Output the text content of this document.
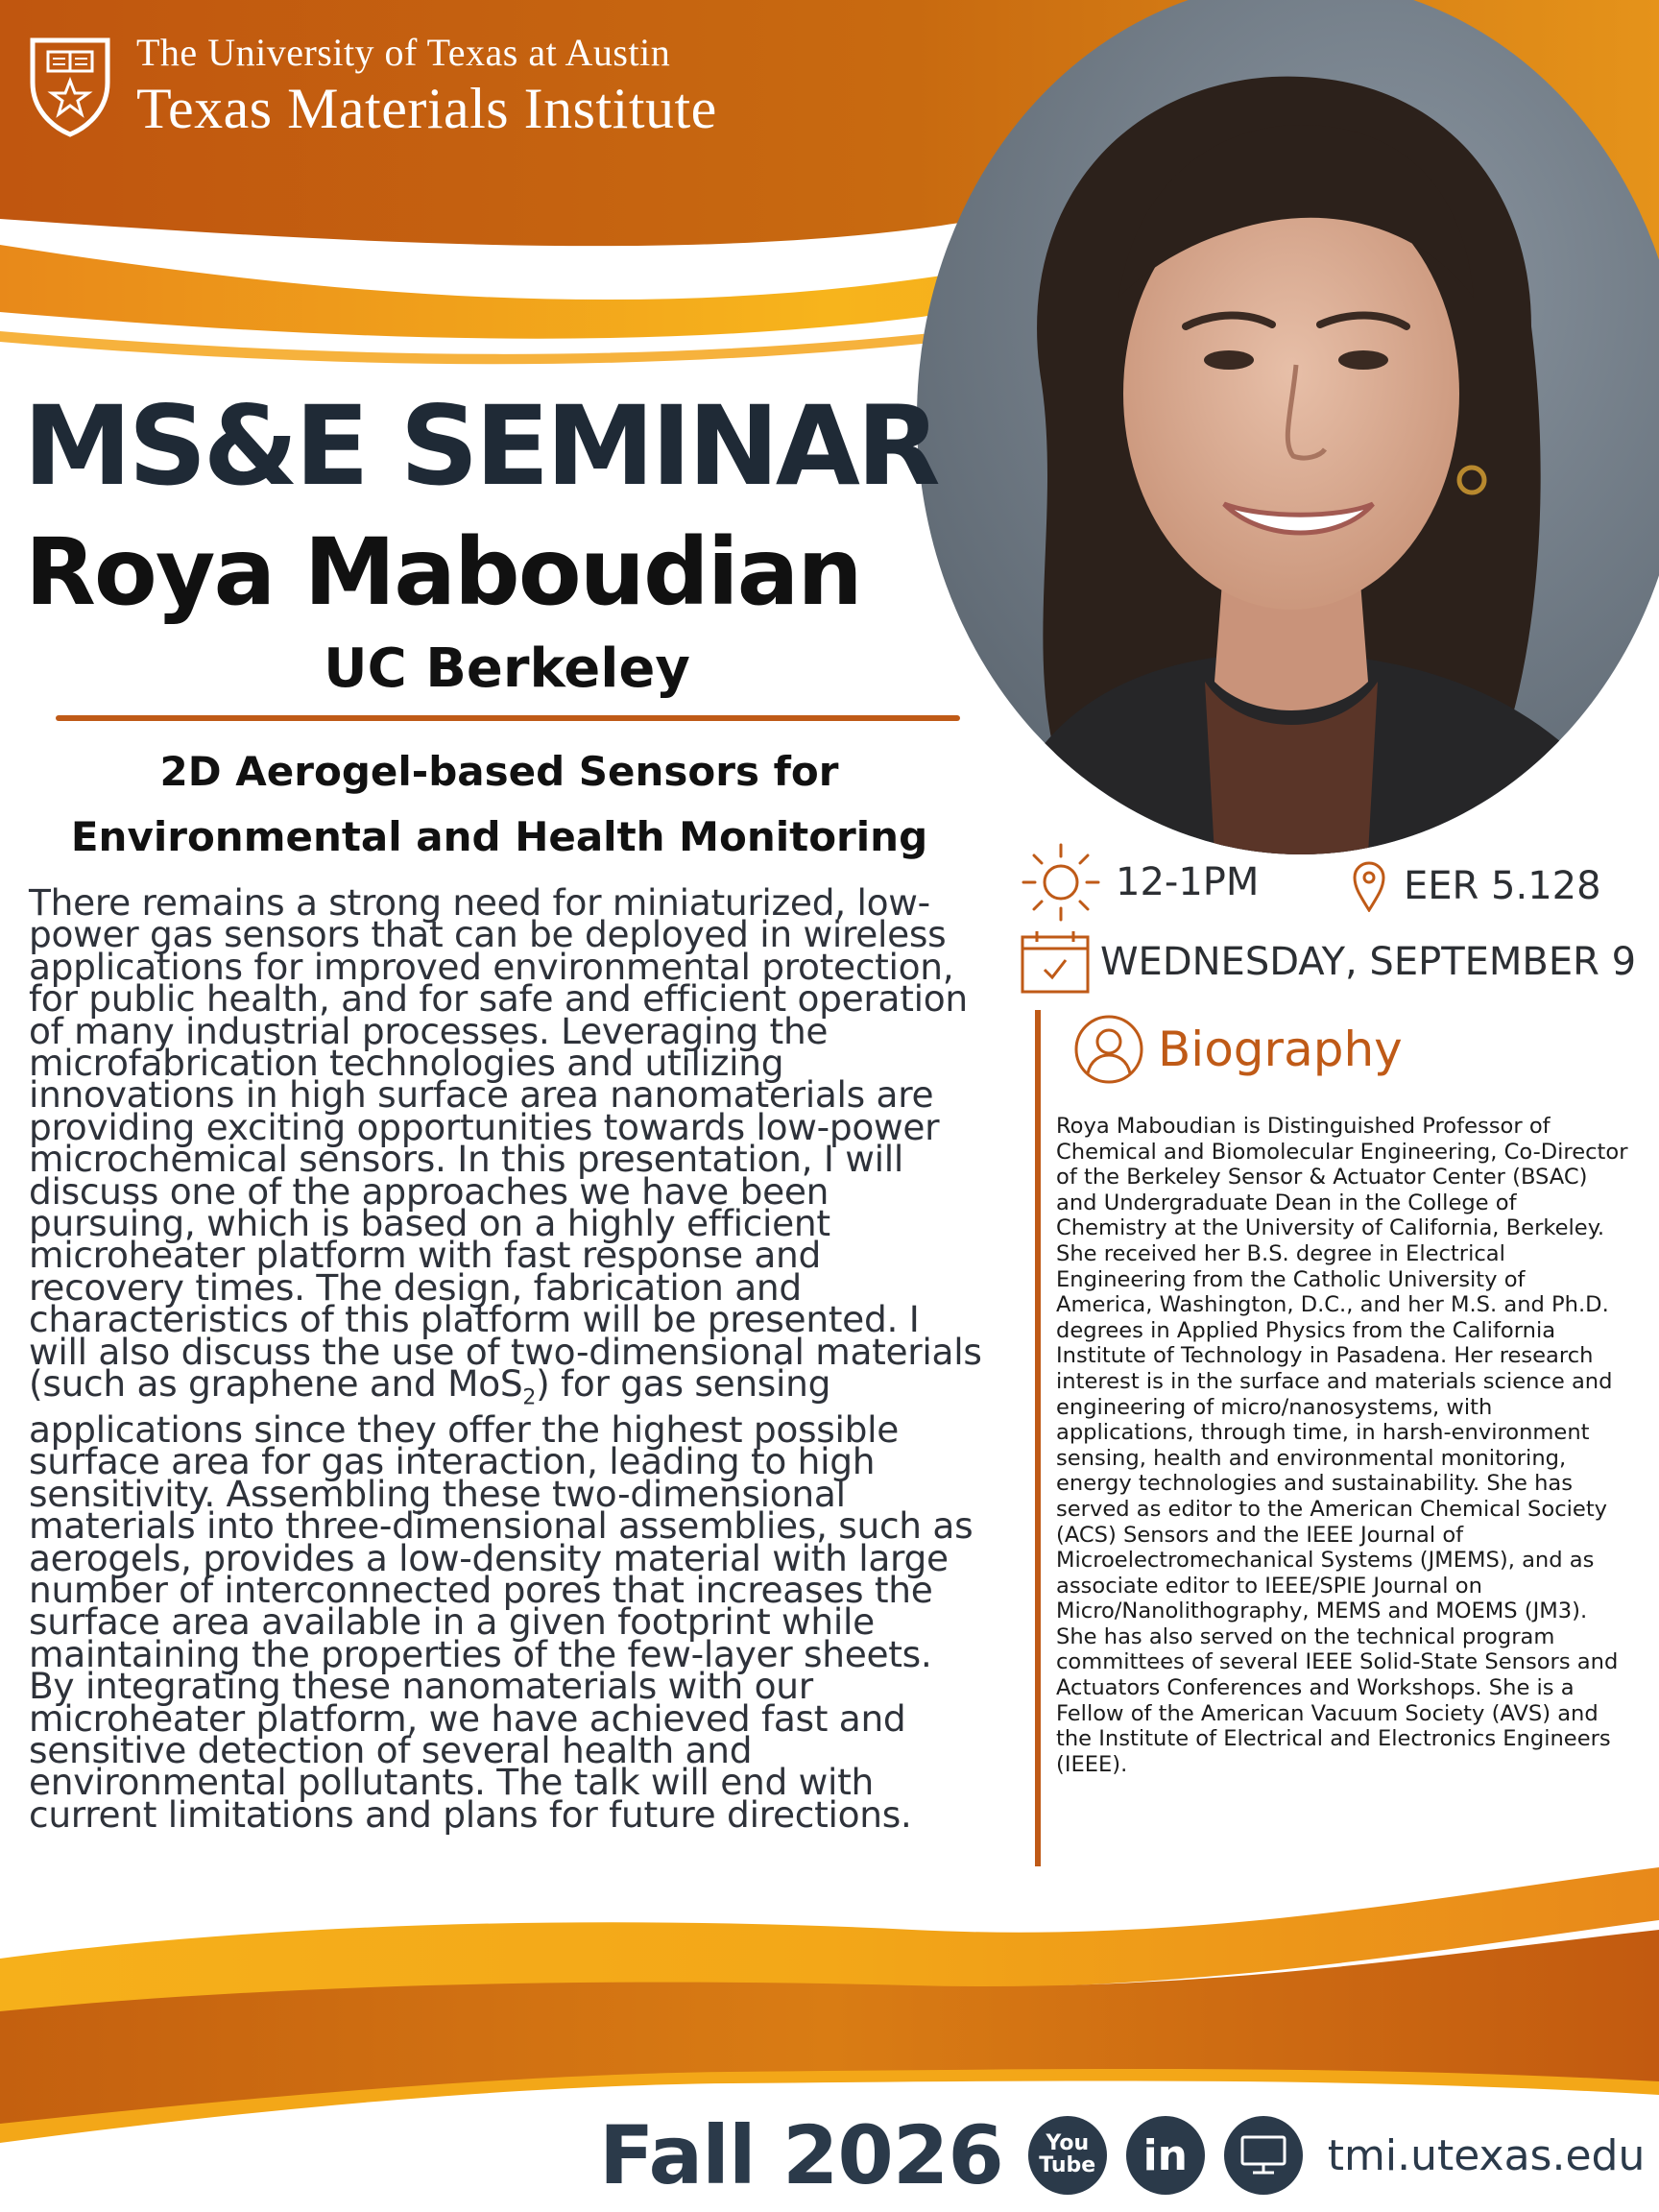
The University of Texas at Austin
Texas Materials Institute
MS&E SEMINAR
Roya Maboudian
UC Berkeley
2D Aerogel-based Sensors for
Environmental and Health Monitoring
There remains a strong need for miniaturized, low-power gas sensors that can be deployed in wireless applications for improved environmental protection, for public health, and for safe and efficient operation of many industrial processes. Leveraging the microfabrication technologies and utilizing innovations in high surface area nanomaterials are providing exciting opportunities towards low-power microchemical sensors. In this presentation, I will discuss one of the approaches we have been pursuing, which is based on a highly efficient microheater platform with fast response and recovery times. The design, fabrication and characteristics of this platform will be presented. I will also discuss the use of two-dimensional materials (such as graphene and MoS$_2$) for gas sensing applications since they offer the highest possible surface area for gas interaction, leading to high sensitivity. Assembling these two-dimensional materials into three-dimensional assemblies, such as aerogels, provides a low-density material with large number of interconnected pores that increases the surface area available in a given footprint while maintaining the properties of the few-layer sheets. By integrating these nanomaterials with our microheater platform, we have achieved fast and sensitive detection of several health and environmental pollutants. The talk will end with current limitations and plans for future directions.
12-1PM	EER 5.128
WEDNESDAY, SEPTEMBER 9
Biography
Roya Maboudian is Distinguished Professor of Chemical and Biomolecular Engineering, Co-Director of the Berkeley Sensor & Actuator Center (BSAC) and Undergraduate Dean in the College of Chemistry at the University of California, Berkeley. She received her B.S. degree in Electrical Engineering from the Catholic University of America, Washington, D.C., and her M.S. and Ph.D. degrees in Applied Physics from the California Institute of Technology in Pasadena. Her research interest is in the surface and materials science and engineering of micro/nanosystems, with applications, through time, in harsh-environment sensing, health and environmental monitoring, energy technologies and sustainability. She has served as editor to the American Chemical Society (ACS) Sensors and the IEEE Journal of Microelectromechanical Systems (JMEMS), and as associate editor to IEEE/SPIE Journal on Micro/Nanolithography, MEMS and MOEMS (JM3). She has also served on the technical program committees of several IEEE Solid-State Sensors and Actuators Conferences and Workshops. She is a Fellow of the American Vacuum Society (AVS) and the Institute of Electrical and Electronics Engineers (IEEE).
Fall 2026 You
Tube in	tmi.utexas.edu
